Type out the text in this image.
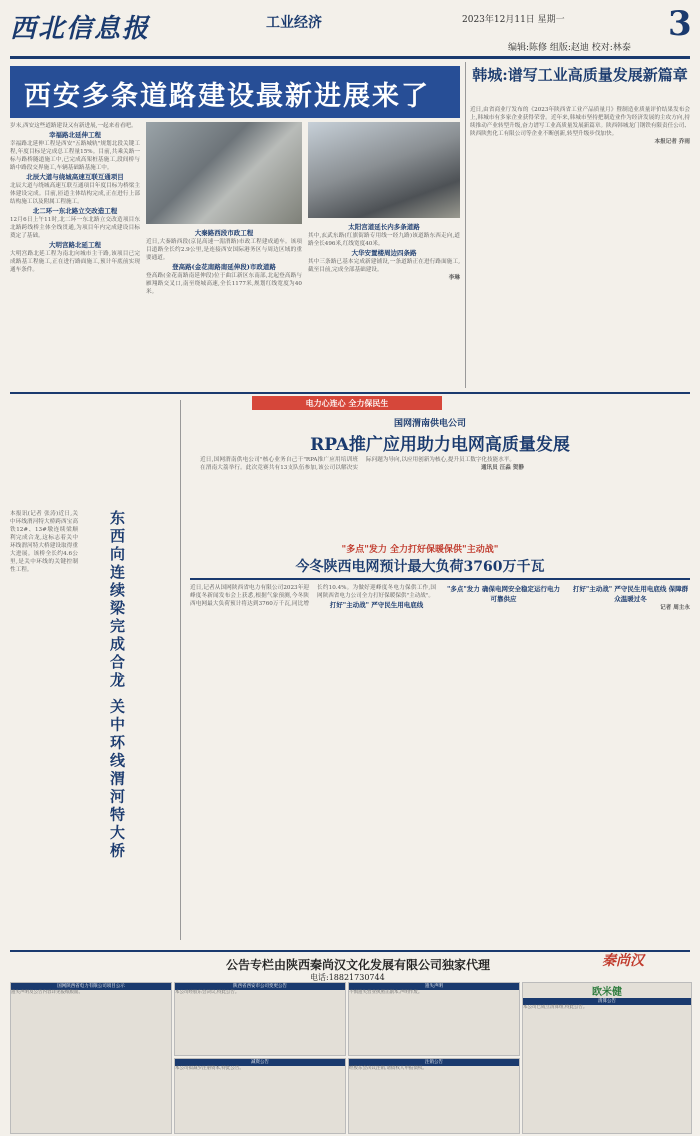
西北信息报	工业经济	2023年12月11日 星期一	3
编辑:陈修 组版:赵迪 校对:林泰
西安多条道路建设最新进展来了
岁末,西安这些道路建设又有新进展,一起来看看吧。
幸福路北延伸工程
幸福路北延伸工程是西安"五路城轨"规划北段关键工程,年度目标是完成总工程量15%。目前,共乘关路一标与路桥隧道施工中,已完成高架桩基施工,段间桥与路中路段交界施工,车辆基础路基施工中。
北辰大道与绕城高速互联互通项目
北辰大道与绕城高速互联互通项目年度目标为桥梁主体建设完成。目前,匝道主体结构完成,正在进行上部结构施工以及附属工程施工。
北二环一东北路立交改造工程
12月6日上午11时,北二环一东北路立交改造项目东北路跨线桥主体全线贯通,为项目年内完成建设目标奠定了基础。
大明宫路北延工程
大明宫路北延工程为南北向城市主干路,该项目已完成路基工程施工,正在进行路面施工,预计年底前实现通车条件。
大秦路西段市政工程
近日,大秦路西段(京昆高速一湄渭路)市政工程建成通车。该项目道路全长约2.9公里,是连接西安国际港务区与周边区域的重要通道。
登高路(金花南路南延伸段)市政道路
登高路(金花南路南延伸段)位于曲江新区东南部,北起登高路与雁翔路交叉口,南至绕城高速,全长1177米,规划红线宽度为40米。
太阳宫道延长内多条道路
其中,玄武东路(红旗街路专用线一经九路)该道路东西走向,道路全长496米,红线宽度40米。
大华安置楼周边四条路
其中三条路已基本完成新建铺设,一条道路正在进行路面施工,截至目前,完成全部基础建设。
李琳
韩城:谱写工业高质量发展新篇章
近日,由省商业厅发布的《2023年陕西省工业产品质量月》暨制造业质量评价结果发布会上,韩城市有多家企业获得荣誉。近年来,韩城市坚持把制造业作为经济发展的主攻方向,持续推动产业转型升级,奋力谱写工业高质量发展新篇章。陕西韩城龙门钢铁有限责任公司、陕西陕焦化工有限公司等企业不断创新,转型升级步伐加快。
本报记者 乔雨
电力心连心 全力保民生
国网渭南供电公司
RPA推广应用助力电网高质量发展
近日,国网渭南供电公司"核心业务自己干"RPA推广应用培训班在渭南大荔举行。此次竞赛共有13支队伍参加,该公司以解决实际问题为导向,以应用创新为核心,提升员工数字化技能水平。
通讯员 汪淼 贺静
本报讯(记者 张涛)近日,关中环线渭河特大桥跨西宝高铁12#、13#墩连续梁顺利完成合龙,这标志着关中环线渭河特大桥建设取得重大进展。该桥全长约4.6公里,是关中环线的关键控制性工程。	东西向连续梁完成合龙 关中环线渭河特大桥	"多点"发力 全力打好保暖保供"主动战"
今冬陕西电网预计最大负荷3760万千瓦
近日,记者从国网陕西省电力有限公司2023年迎峰度冬新闻发布会上获悉,根据气象预测,今冬陕西电网最大负荷预计将达到3760万千瓦,同比增长约10.4%。为做好迎峰度冬电力保供工作,国网陕西省电力公司全力打好保暖保供"主动战"。
打好"主动战" 严守民生用电底线
"多点"发力 确保电网安全稳定运行电力可靠供应
打好"主动战" 严守民生用电底线 保障群众温暖过冬
记者 周主永
公告专栏由陕西秦尚汉文化发展有限公司独家代理
电话:18821730744
秦尚汉
国网陕西省电力有限公司项目公示
遗失声明及公告内容详见报纸版面。
陕西省西安市公司变更公告
本公司经股东会决议,特此公告。
减资公告
本公司拟减少注册资本,特此公告。
遗失声明
不慎遗失营业执照正副本,声明作废。
注销公告
经股东会决议注销,请债权人申报债权。
欧米健
清算公告
本公司已成立清算组,特此公告。
